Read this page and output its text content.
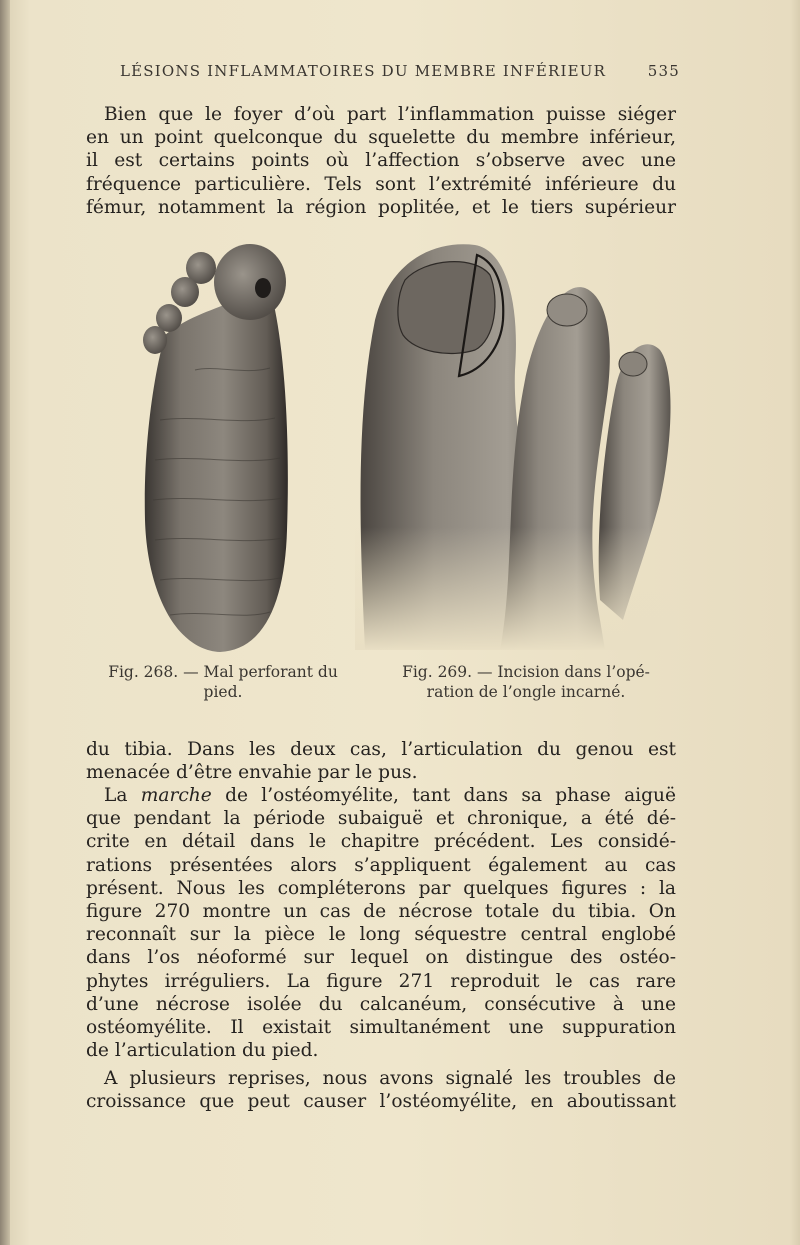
LÉSIONS INFLAMMATOIRES DU MEMBRE INFÉRIEUR	535
Bien que le foyer d’où part l’inflammation puisse siéger
en un point quelconque du squelette du membre inférieur,
il est certains points où l’affection s’observe avec une
fréquence particulière. Tels sont l’extrémité inférieure du
fémur, notamment la région poplitée, et le tiers supérieur
Fig. 268. — Mal perforant du
pied.
Fig. 269. — Incision dans l’opé-
ration de l’ongle incarné.
du tibia. Dans les deux cas, l’articulation du genou est
menacée d’être envahie par le pus.
La marche de l’ostéomyélite, tant dans sa phase aiguë
que pendant la période subaiguë et chronique, a été dé-
crite en détail dans le chapitre précédent. Les considé-
rations présentées alors s’appliquent également au cas
présent. Nous les compléterons par quelques figures : la
figure 270 montre un cas de nécrose totale du tibia. On
reconnaît sur la pièce le long séquestre central englobé
dans l’os néoformé sur lequel on distingue des ostéo-
phytes irréguliers. La figure 271 reproduit le cas rare
d’une nécrose isolée du calcanéum, consécutive à une
ostéomyélite. Il existait simultanément une suppuration
de l’articulation du pied.
A plusieurs reprises, nous avons signalé les troubles de
croissance que peut causer l’ostéomyélite, en aboutissant
